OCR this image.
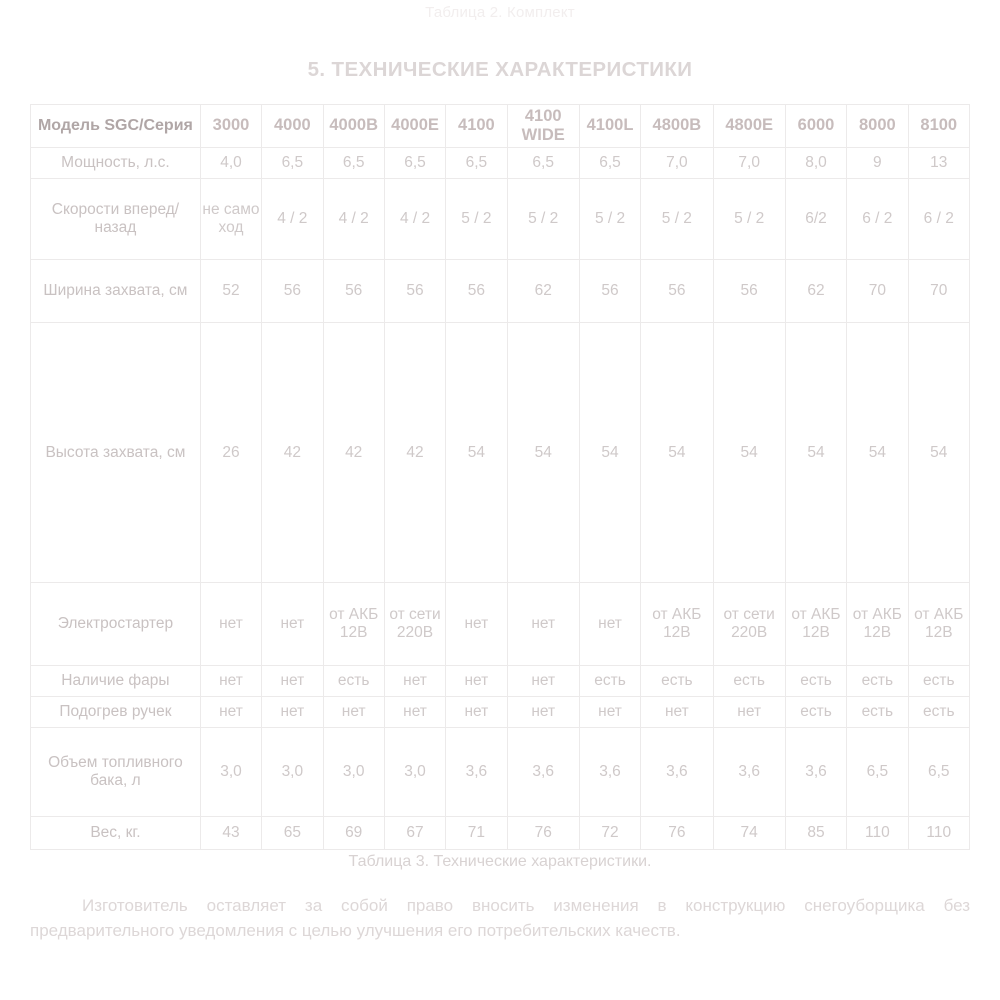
Таблица 2. Комплект
5. ТЕХНИЧЕСКИЕ ХАРАКТЕРИСТИКИ
Модель SGC/Серия	3000	4000	4000B	4000E	4100	4100 WIDE	4100L	4800B	4800E	6000	8000	8100
Мощность, л.с.	4,0	6,5	6,5	6,5	6,5	6,5	6,5	7,0	7,0	8,0	9	13
Скорости вперед/назад	не само ход	4 / 2	4 / 2	4 / 2	5 / 2	5 / 2	5 / 2	5 / 2	5 / 2	6/2	6 / 2	6 / 2
Ширина захвата, см	52	56	56	56	56	62	56	56	56	62	70	70
Высота захвата, см	26	42	42	42	54	54	54	54	54	54	54	54
Электростартер	нет	нет	от АКБ 12В	от сети 220В	нет	нет	нет	от АКБ 12В	от сети 220В	от АКБ 12В	от АКБ 12В	от АКБ 12В
Наличие фары	нет	нет	есть	нет	нет	нет	есть	есть	есть	есть	есть	есть
Подогрев ручек	нет	нет	нет	нет	нет	нет	нет	нет	нет	есть	есть	есть
Объем топливного бака, л	3,0	3,0	3,0	3,0	3,6	3,6	3,6	3,6	3,6	3,6	6,5	6,5
Вес, кг.	43	65	69	67	71	76	72	76	74	85	110	110
Таблица 3. Технические характеристики.

Изготовитель оставляет за собой право вносить изменения в конструкцию снегоуборщика без предварительного уведомления с целью улучшения его потребительских качеств.
